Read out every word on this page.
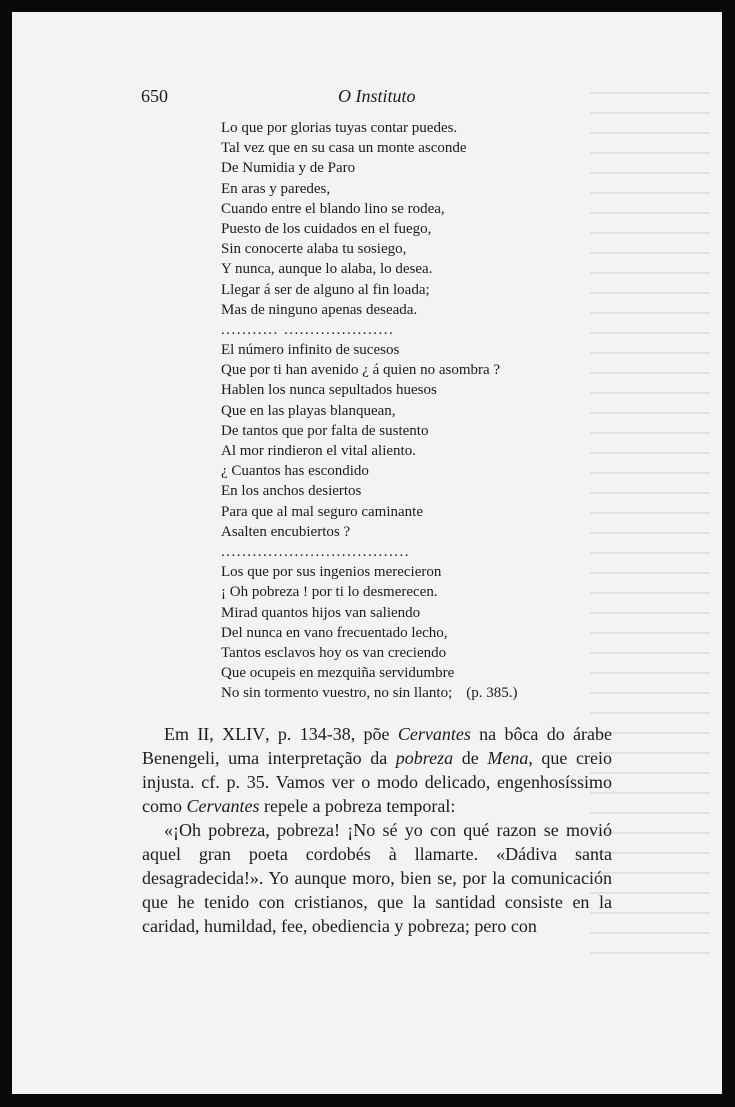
650	O Instituto
Lo que por glorias tuyas contar puedes.
Tal vez que en su casa un monte asconde
De Numidia y de Paro
En aras y paredes,
Cuando entre el blando lino se rodea,
Puesto de los cuidados en el fuego,
Sin conocerte alaba tu sosiego,
Y nunca, aunque lo alaba, lo desea.
Llegar á ser de alguno al fin loada;
Mas de ninguno apenas deseada.
........... .....................
El número infinito de sucesos
Que por ti han avenido ¿ á quien no asombra ?
Hablen los nunca sepultados huesos
Que en las playas blanquean,
De tantos que por falta de sustento
Al mor rindieron el vital aliento.
¿ Cuantos has escondido
En los anchos desiertos
Para que al mal seguro caminante
Asalten encubiertos ?
....................................
Los que por sus ingenios merecieron
¡ Oh pobreza ! por ti lo desmerecen.
Mirad quantos hijos van saliendo
Del nunca en vano frecuentado lecho,
Tantos esclavos hoy os van creciendo
Que ocupeis en mezquiña servidumbre
No sin tormento vuestro, no sin llanto; (p. 385.)

Em II, XLIV, p. 134-38, põe Cervantes na bôca do árabe Benengeli, uma interpretação da pobreza de Mena, que creio injusta. cf. p. 35. Vamos ver o modo delicado, engenhosíssimo como Cervantes repele a pobreza temporal:

«¡Oh pobreza, pobreza! ¡No sé yo con qué razon se movió aquel gran poeta cordobés à llamarte. «Dádiva santa desagradecida!». Yo aunque moro, bien se, por la comunicación que he tenido con cristianos, que la santidad consiste en la caridad, humildad, fee, obediencia y pobreza; pero con
